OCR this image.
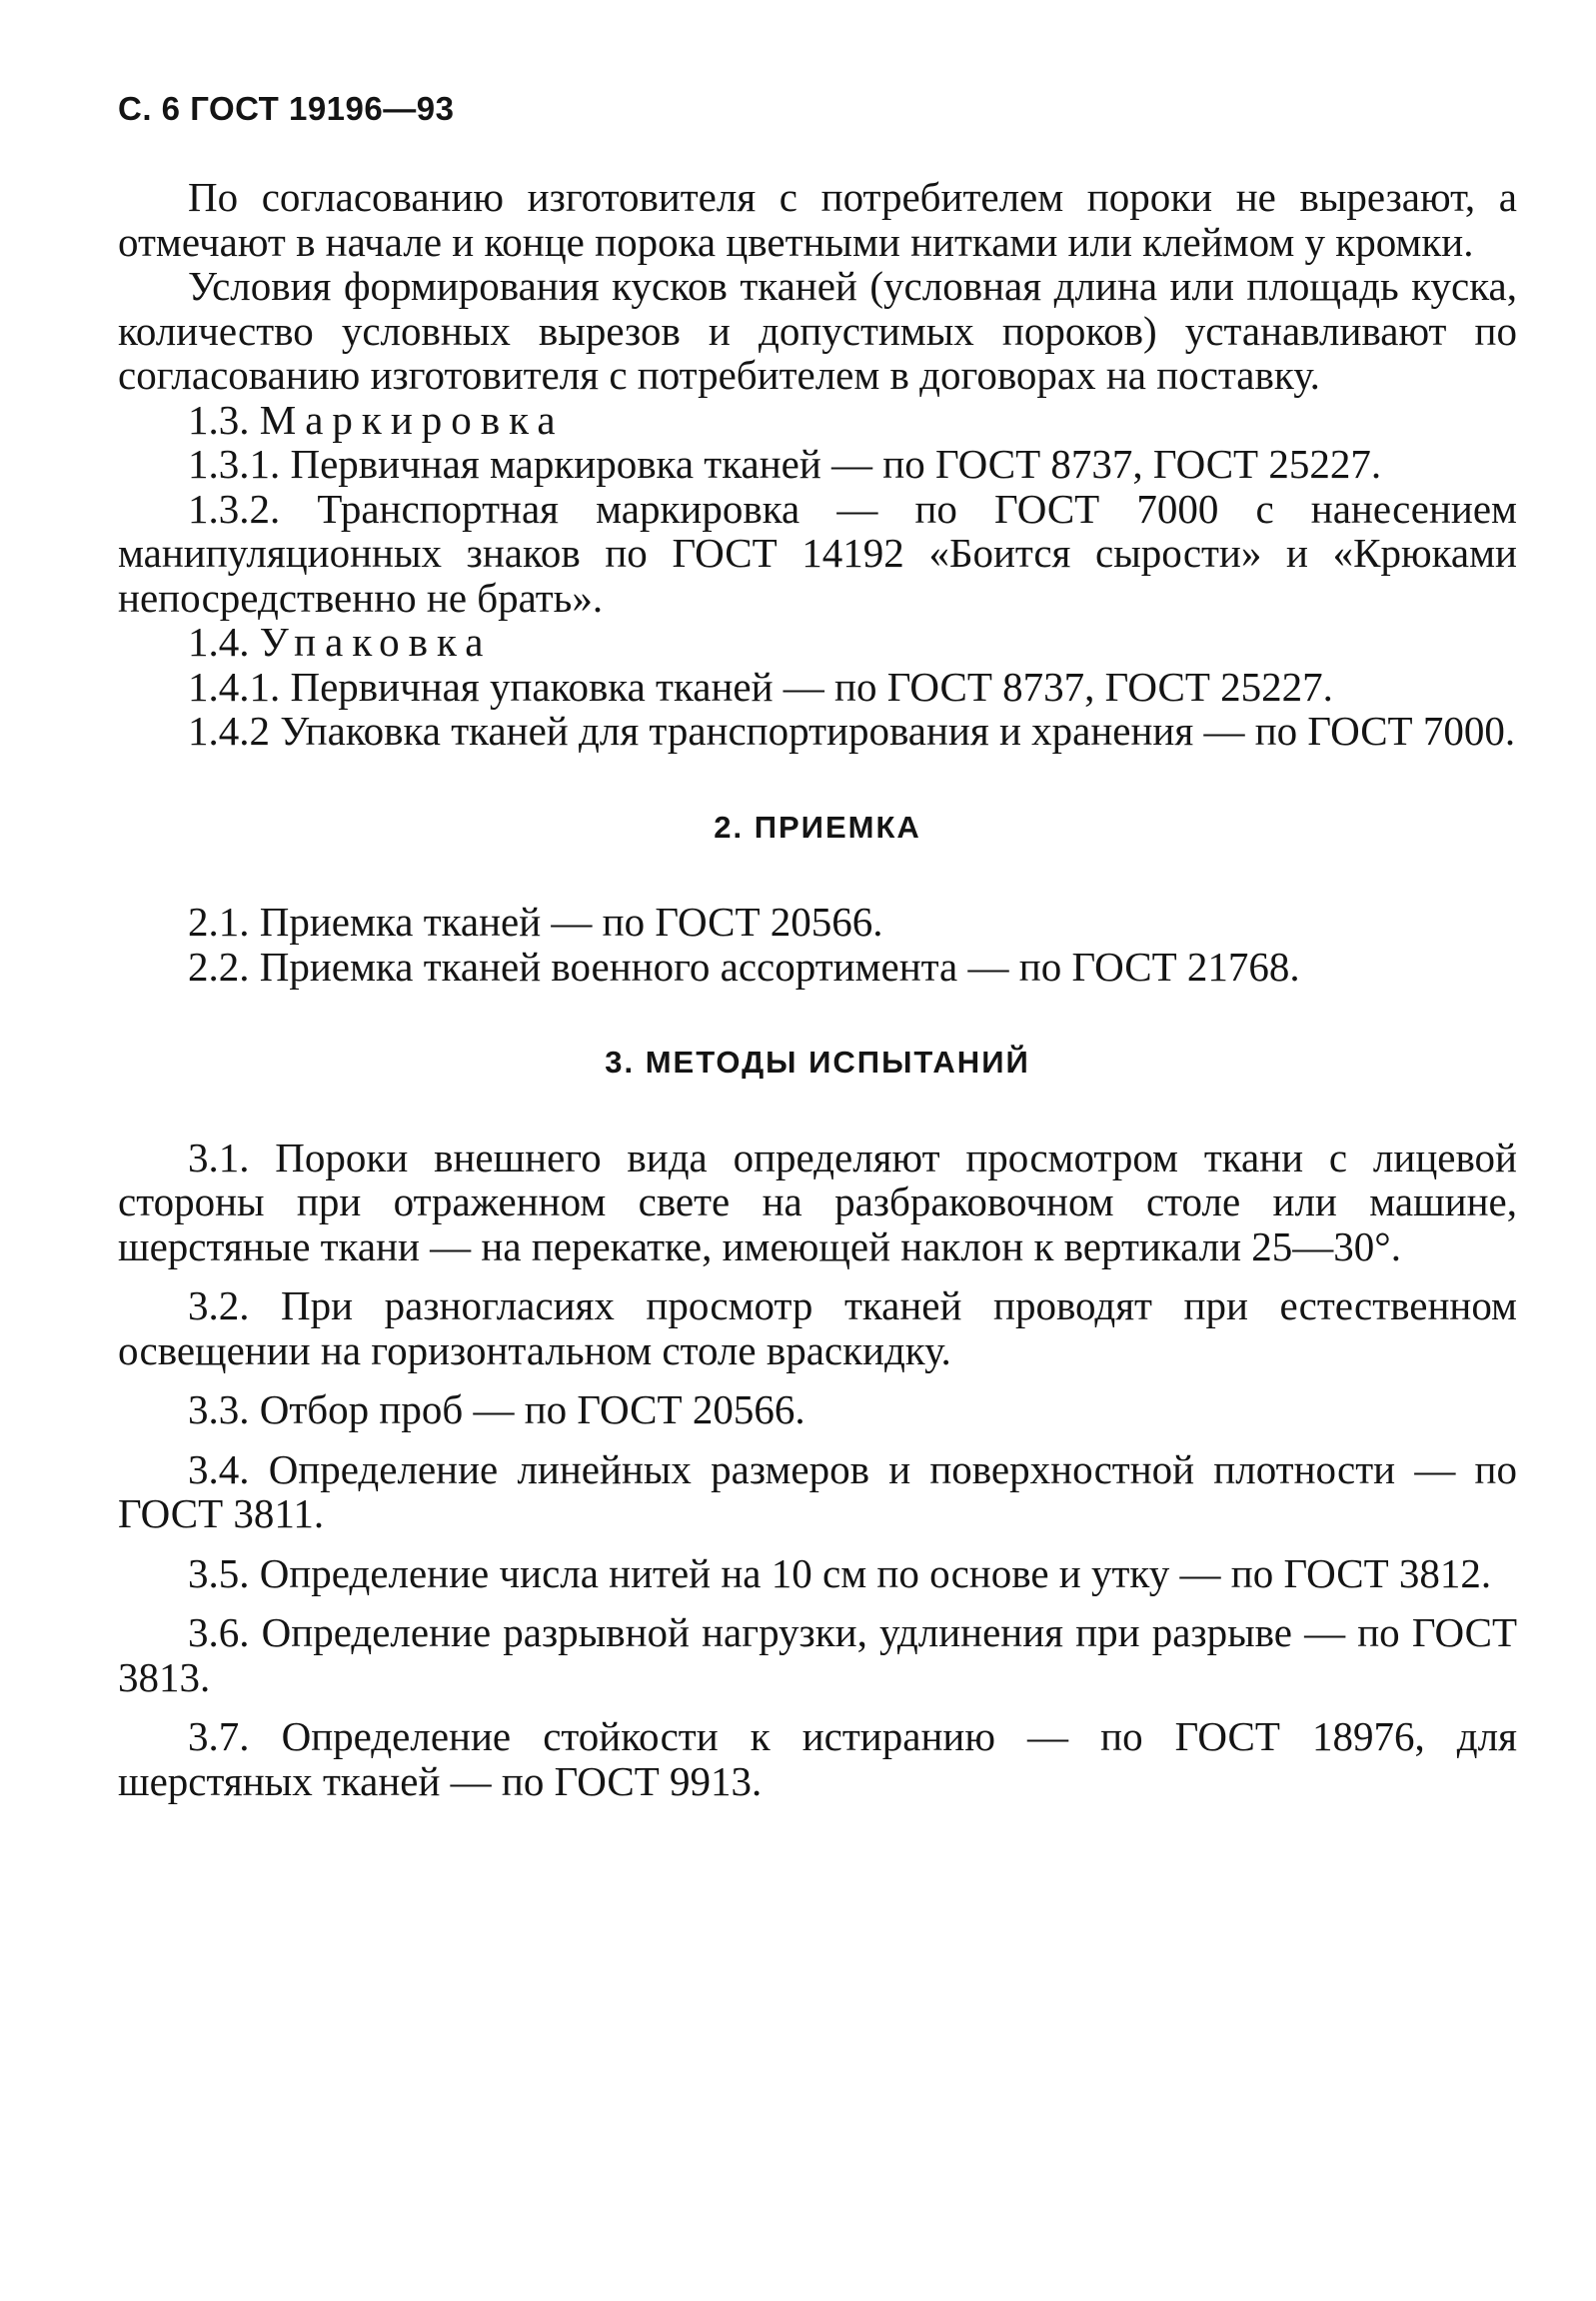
С. 6 ГОСТ 19196—93

По согласованию изготовителя с потребителем пороки не вырезают, а отмечают в начале и конце порока цветными нитками или клеймом у кромки.

Условия формирования кусков тканей (условная длина или площадь куска, количество условных вырезов и допустимых пороков) устанавливают по согласованию изготовителя с потребителем в договорах на поставку.

1.3. Маркировка

1.3.1. Первичная маркировка тканей — по ГОСТ 8737, ГОСТ 25227.

1.3.2. Транспортная маркировка — по ГОСТ 7000 с нанесением манипуляционных знаков по ГОСТ 14192 «Боится сырости» и «Крюками непосредственно не брать».

1.4. Упаковка

1.4.1. Первичная упаковка тканей — по ГОСТ 8737, ГОСТ 25227.

1.4.2 Упаковка тканей для транспортирования и хранения — по ГОСТ 7000.

2. ПРИЕМКА

2.1. Приемка тканей — по ГОСТ 20566.

2.2. Приемка тканей военного ассортимента — по ГОСТ 21768.

3. МЕТОДЫ ИСПЫТАНИЙ

3.1. Пороки внешнего вида определяют просмотром ткани с лицевой стороны при отраженном свете на разбраковочном столе или машине, шерстяные ткани — на перекатке, имеющей наклон к вертикали 25—30°.

3.2. При разногласиях просмотр тканей проводят при естественном освещении на горизонтальном столе враскидку.

3.3. Отбор проб — по ГОСТ 20566.

3.4. Определение линейных размеров и поверхностной плотности — по ГОСТ 3811.

3.5. Определение числа нитей на 10 см по основе и утку — по ГОСТ 3812.

3.6. Определение разрывной нагрузки, удлинения при разрыве — по ГОСТ 3813.

3.7. Определение стойкости к истиранию — по ГОСТ 18976, для шерстяных тканей — по ГОСТ 9913.
